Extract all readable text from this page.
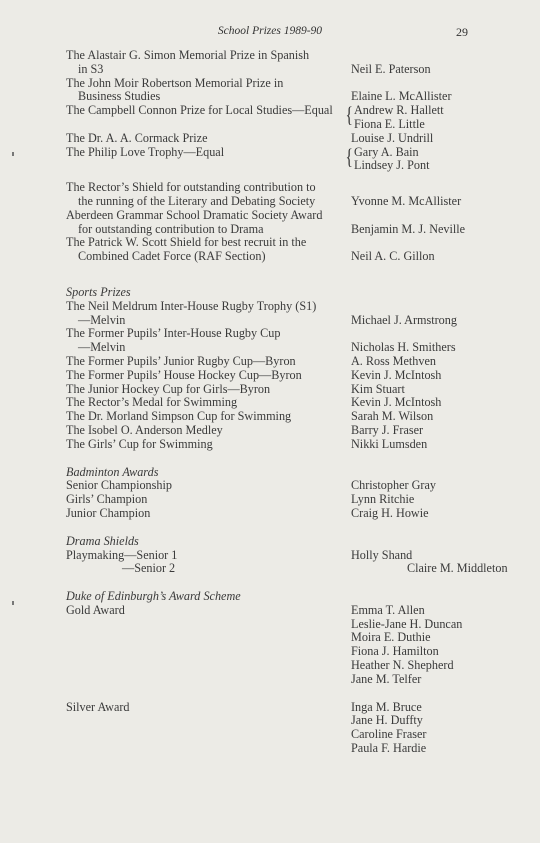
School Prizes 1989-90	29
The Alastair G. Simon Memorial Prize in Spanish
in S3	Neil E. Paterson
The John Moir Robertson Memorial Prize in
Business Studies	Elaine L. McAllister
The Campbell Connon Prize for Local Studies—Equal { Andrew R. Hallett
Fiona E. Little
The Dr. A. A. Cormack Prize	Louise J. Undrill
The Philip Love Trophy—Equal	{ Gary A. Bain
Lindsey J. Pont
The Rector’s Shield for outstanding contribution to
the running of the Literary and Debating Society	Yvonne M. McAllister
Aberdeen Grammar School Dramatic Society Award
for outstanding contribution to Drama	Benjamin M. J. Neville
The Patrick W. Scott Shield for best recruit in the
Combined Cadet Force (RAF Section)	Neil A. C. Gillon
Sports Prizes
The Neil Meldrum Inter-House Rugby Trophy (S1)
—Melvin	Michael J. Armstrong
The Former Pupils’ Inter-House Rugby Cup
—Melvin	Nicholas H. Smithers
The Former Pupils’ Junior Rugby Cup—Byron	A. Ross Methven
The Former Pupils’ House Hockey Cup—Byron	Kevin J. McIntosh
The Junior Hockey Cup for Girls—Byron	Kim Stuart
The Rector’s Medal for Swimming	Kevin J. McIntosh
The Dr. Morland Simpson Cup for Swimming	Sarah M. Wilson
The Isobel O. Anderson Medley	Barry J. Fraser
The Girls’ Cup for Swimming	Nikki Lumsden
Badminton Awards
Senior Championship	Christopher Gray
Girls’ Champion	Lynn Ritchie
Junior Champion	Craig H. Howie
Drama Shields
Playmaking—Senior 1	Holly Shand
—Senior 2	Claire M. Middleton
Duke of Edinburgh’s Award Scheme
Gold Award	Emma T. Allen
Leslie-Jane H. Duncan
Moira E. Duthie
Fiona J. Hamilton
Heather N. Shepherd
Jane M. Telfer
Silver Award	Inga M. Bruce
Jane H. Duffty
Caroline Fraser
Paula F. Hardie
